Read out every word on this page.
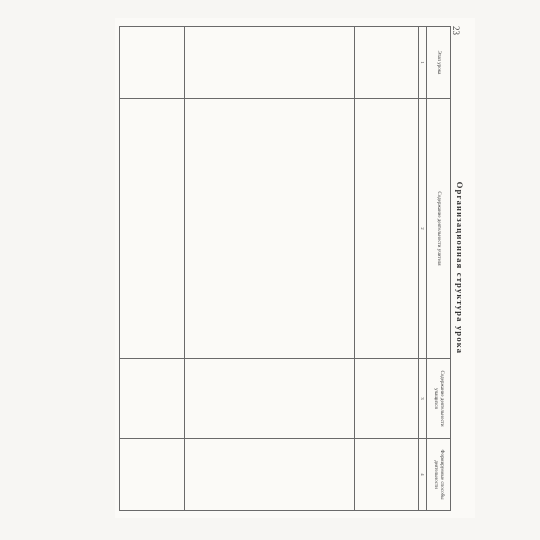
23
Организационная структура урока
Этап урока	Содержание деятельности учителя	Содержание деятельности учащихся	Формируемые способы деятельности
1	2	3	4
